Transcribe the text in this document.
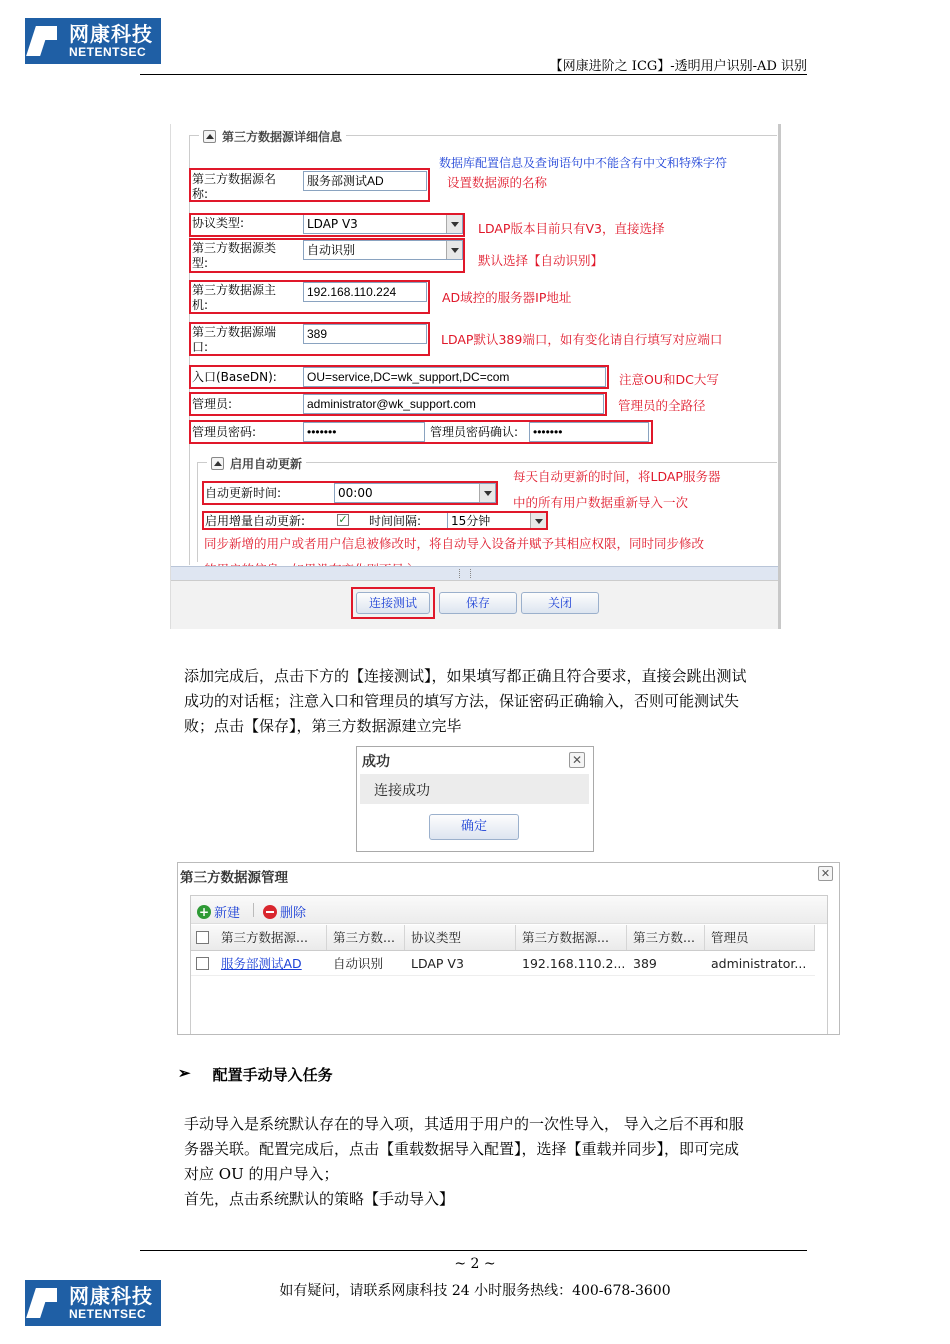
网康科技
NETENTSEC
【网康进阶之 ICG】-透明用户识别-AD 识别
第三方数据源详细信息
数据库配置信息及查询语句中不能含有中文和特殊字符
第三方数据源名称:
服务部测试AD	设置数据源的名称
协议类型:	LDAP V3	LDAP版本目前只有V3，直接选择
第三方数据源类型:
自动识别
默认选择【自动识别】
第三方数据源主机:
192.168.110.224	AD域控的服务器IP地址
第三方数据源端口:
389	LDAP默认389端口，如有变化请自行填写对应端口
入口(BaseDN):	OU=service,DC=wk_support,DC=com	注意OU和DC大写
管理员:	administrator@wk_support.com	管理员的全路径
管理员密码:	•••••••	管理员密码确认:	•••••••
启用自动更新
每天自动更新的时间，将LDAP服务器
中的所有用户数据重新导入一次
自动更新时间:	00:00
启用增量自动更新:	✓ 时间间隔:	15分钟
同步新增的用户或者用户信息被修改时，将自动导入设备并赋予其相应权限，同时同步修改
连接测试	保存	关闭
添加完成后，点击下方的【连接测试】，如果填写都正确且符合要求，直接会跳出测试
成功的对话框；注意入口和管理员的填写方法，保证密码正确输入，否则可能测试失
败；点击【保存】，第三方数据源建立完毕
成功	✕
连接成功
确定
第三方数据源管理	✕
+ 新建	删除
第三方数据源...	第三方数...	协议类型	第三方数据源...	第三方数...	管理员
服务部测试AD	自动识别	LDAP V3	192.168.110.2... 389	administrator...
➢ 配置手动导入任务
手动导入是系统默认存在的导入项，其适用于用户的一次性导入， 导入之后不再和服
务器关联。配置完成后，点击【重载数据导入配置】，选择【重载并同步】，即可完成
对应 OU 的用户导入；
首先，点击系统默认的策略【手动导入】
~ 2 ~
网康科技
NETENTSEC
如有疑问，请联系网康科技 24 小时服务热线：400-678-3600
